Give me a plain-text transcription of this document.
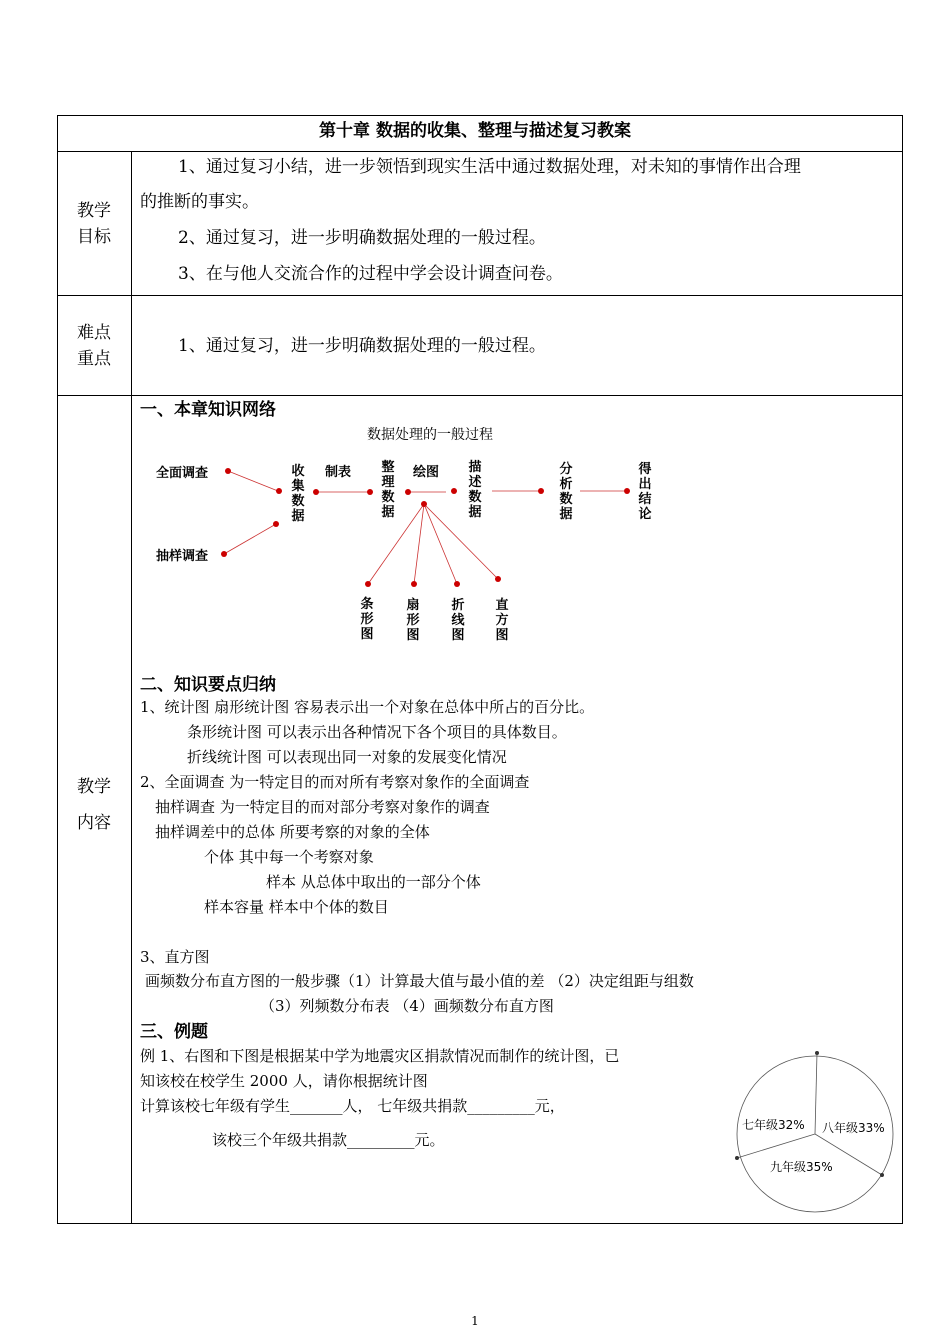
第十章 数据的收集、整理与描述复习教案
教学
目标
1、通过复习小结，进一步领悟到现实生活中通过数据处理，对未知的事情作出合理
的推断的事实。
2、通过复习，进一步明确数据处理的一般过程。
3、在与他人交流合作的过程中学会设计调查问卷。
难点
重点
1、通过复习，进一步明确数据处理的一般过程。
教学
内容
一、本章知识网络
数据处理的一般过程
全面调查
抽样调查
收集数据
制表 整理数据
绘图 描述数据
分析数据
得出结论
条形图
扇形图
折线图
直方图
二、知识要点归纳
1、统计图 扇形统计图 容易表示出一个对象在总体中所占的百分比。
条形统计图 可以表示出各种情况下各个项目的具体数目。
折线统计图 可以表现出同一对象的发展变化情况
2、全面调查 为一特定目的而对所有考察对象作的全面调查
抽样调查 为一特定目的而对部分考察对象作的调查
抽样调差中的总体 所要考察的对象的全体
个体 其中每一个考察对象
样本 从总体中取出的一部分个体
样本容量 样本中个体的数目
3、直方图
画频数分布直方图的一般步骤（1）计算最大值与最小值的差 （2）决定组距与组数
（3）列频数分布表 （4）画频数分布直方图
三、例题
例 1、右图和下图是根据某中学为地震灾区捐款情况而制作的统计图，已
知该校在校学生 2000 人，请你根据统计图
计算该校七年级有学生_______人， 七年级共捐款_________元，
该校三个年级共捐款_________元。
七年级32% 八年级33%
九年级35%
1
